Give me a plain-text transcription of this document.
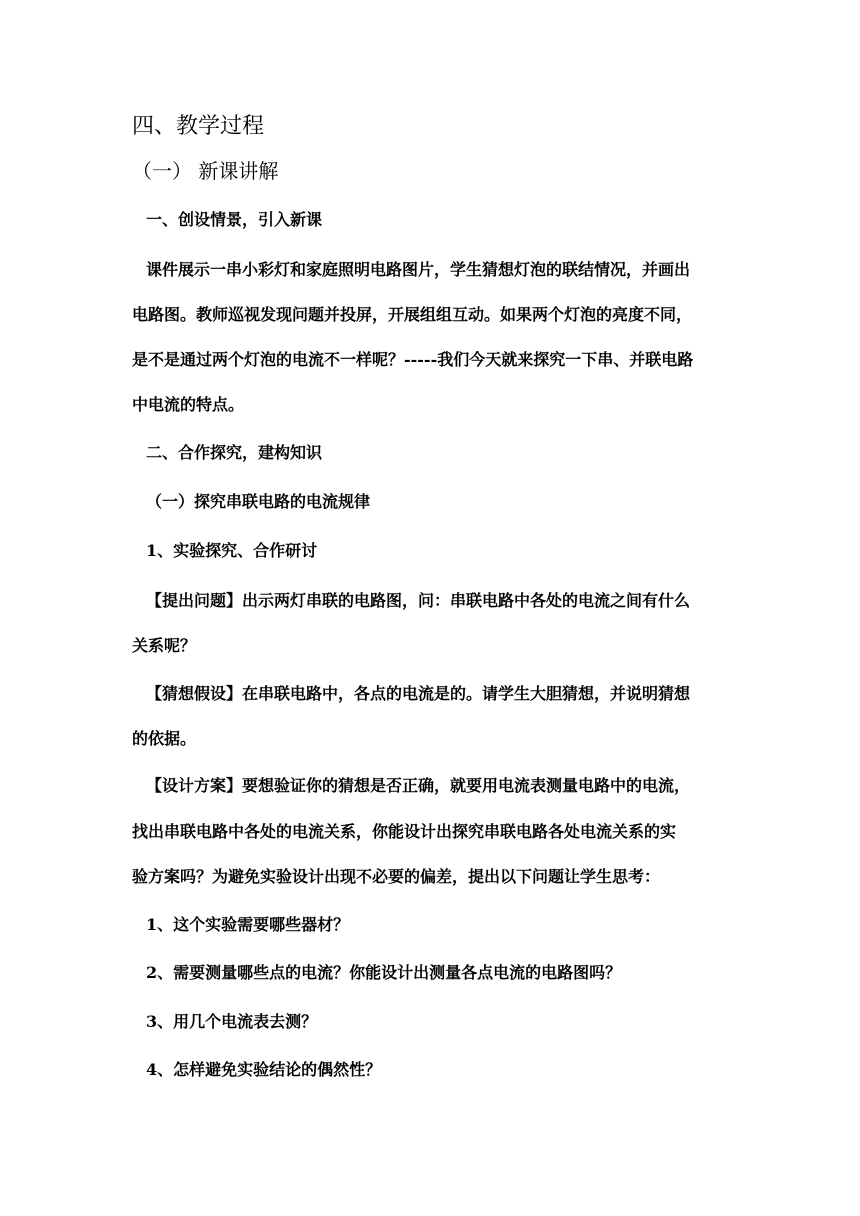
四、教学过程
（一） 新课讲解
一、创设情景，引入新课
课件展示一串小彩灯和家庭照明电路图片，学生猜想灯泡的联结情况，并画出
电路图。教师巡视发现问题并投屏，开展组组互动。如果两个灯泡的亮度不同，
是不是通过两个灯泡的电流不一样呢？-----我们今天就来探究一下串、并联电路
中电流的特点。
二、合作探究，建构知识
（一）探究串联电路的电流规律
1、实验探究、合作研讨
【提出问题】出示两灯串联的电路图，问：串联电路中各处的电流之间有什么
关系呢？
【猜想假设】在串联电路中，各点的电流是的。请学生大胆猜想，并说明猜想
的依据。
【设计方案】要想验证你的猜想是否正确，就要用电流表测量电路中的电流，
找出串联电路中各处的电流关系，你能设计出探究串联电路各处电流关系的实
验方案吗？为避免实验设计出现不必要的偏差，提出以下问题让学生思考：
1、这个实验需要哪些器材？
2、需要测量哪些点的电流？你能设计出测量各点电流的电路图吗？
3、用几个电流表去测？
4、怎样避免实验结论的偶然性？
